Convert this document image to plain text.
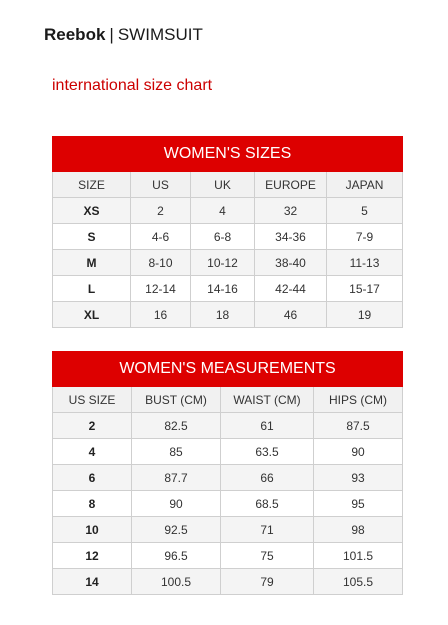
Reebok | SWIMSUIT
international size chart
WOMEN'S SIZES				
SIZE	US	UK	EUROPE	JAPAN
XS	2	4	32	5
S	4-6	6-8	34-36	7-9
M	8-10	10-12	38-40	11-13
L	12-14	14-16	42-44	15-17
XL	16	18	46	19
WOMEN'S MEASUREMENTS			
US SIZE	BUST (CM)	WAIST (CM)	HIPS (CM)
2	82.5	61	87.5
4	85	63.5	90
6	87.7	66	93
8	90	68.5	95
10	92.5	71	98
12	96.5	75	101.5
14	100.5	79	105.5
